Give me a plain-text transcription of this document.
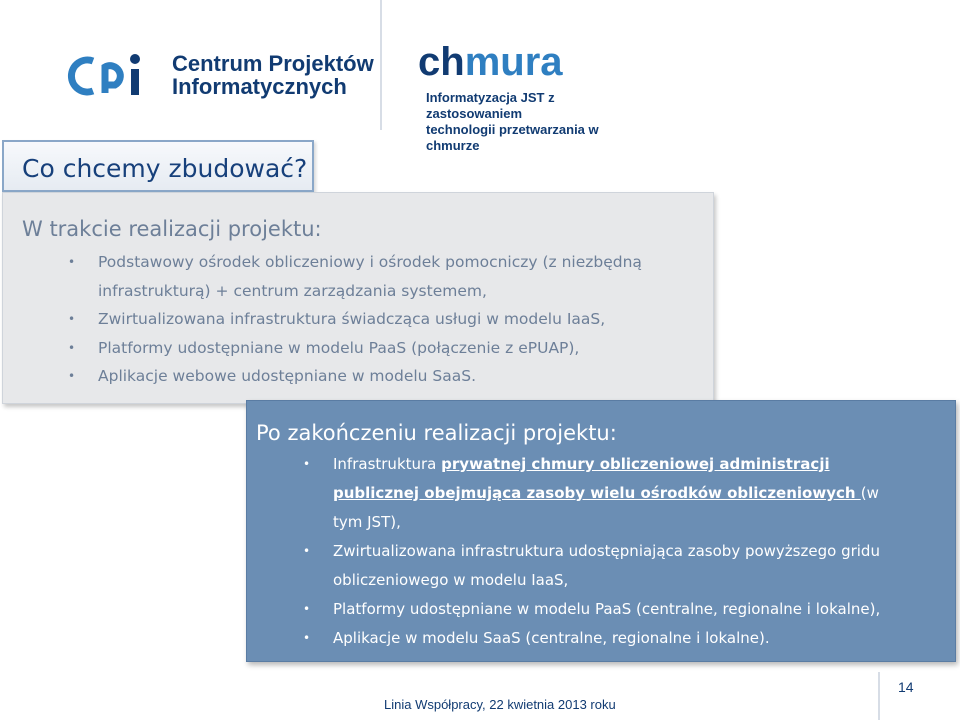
Centrum Projektów
Informatycznych
chmura
Informatyzacja JST z zastosowaniem
technologii przetwarzania w chmurze
Co chcemy zbudować?
W trakcie realizacji projektu:
• Podstawowy ośrodek obliczeniowy i ośrodek pomocniczy (z niezbędną
infrastrukturą) + centrum zarządzania systemem,
• Zwirtualizowana infrastruktura świadcząca usługi w modelu IaaS,
• Platformy udostępniane w modelu PaaS (połączenie z ePUAP),
• Aplikacje webowe udostępniane w modelu SaaS.
Po zakończeniu realizacji projektu:
• Infrastruktura prywatnej chmury obliczeniowej administracji
publicznej obejmująca zasoby wielu ośrodków obliczeniowych (w
tym JST),
• Zwirtualizowana infrastruktura udostępniająca zasoby powyższego gridu
obliczeniowego w modelu IaaS,
• Platformy udostępniane w modelu PaaS (centralne, regionalne i lokalne),
• Aplikacje w modelu SaaS (centralne, regionalne i lokalne).
Linia Współpracy, 22 kwietnia 2013 roku
14
